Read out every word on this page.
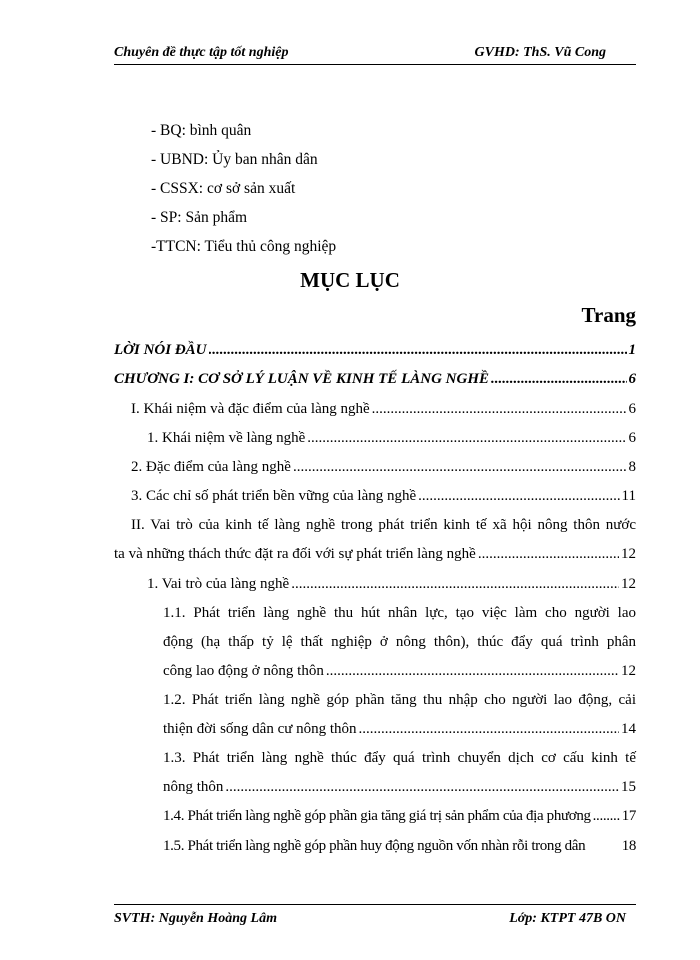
Chuyên đề thực tập tốt nghiệp	GVHD: ThS. Vũ Cong
- BQ: bình quân
- UBND: Ủy ban nhân dân
- CSSX: cơ sở sản xuất
- SP: Sản phẩm
-TTCN: Tiểu thủ công nghiệp
MỤC LỤC
Trang
LỜI NÓI ĐẦU .....	1
CHƯƠNG I: CƠ SỞ LÝ LUẬN VỀ KINH TẾ LÀNG NGHỀ .....	6
I. Khái niệm và đặc điểm của làng nghề .....	6
1. Khái niệm về làng nghề .....	6
2. Đặc điểm của làng nghề .....	8
3. Các chỉ số phát triển bền vững của làng nghề .....	11
II. Vai trò của kinh tế làng nghề trong phát triển kinh tế xã hội nông thôn nước
ta và những thách thức đặt ra đối với sự phát triển làng nghề .....	12
1. Vai trò của làng nghề .....	12
1.1. Phát triển làng nghề thu hút nhân lực, tạo việc làm cho người lao
động (hạ thấp tỷ lệ thất nghiệp ở nông thôn), thúc đẩy quá trình phân
công lao động ở nông thôn .....	12
1.2. Phát triển làng nghề góp phần tăng thu nhập cho người lao động, cải
thiện đời sống dân cư nông thôn .....	14
1.3. Phát triển làng nghề thúc đẩy quá trình chuyển dịch cơ cấu kinh tế
nông thôn .....	15
1.4. Phát triển làng nghề góp phần gia tăng giá trị sản phẩm của địa phương ..... 17
1.5. Phát triển làng nghề góp phần huy động nguồn vốn nhàn rỗi trong dân 18
SVTH: Nguyễn Hoàng Lâm	Lớp: KTPT 47B ON
